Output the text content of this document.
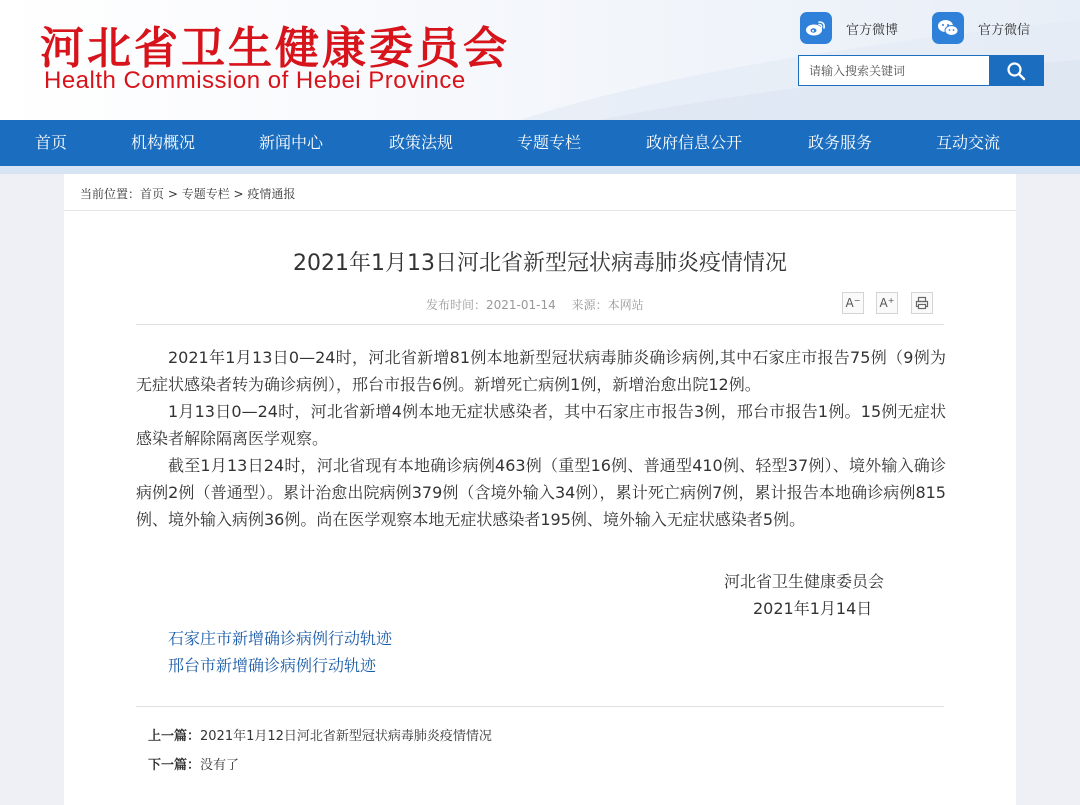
河北省卫生健康委员会
Health Commission of Hebei Province
官方微博	官方微信
请输入搜索关键词
首页	机构概况	新闻中心	政策法规	专题专栏	政府信息公开	政务服务	互动交流
当前位置：首页 > 专题专栏 > 疫情通报
2021年1月13日河北省新型冠状病毒肺炎疫情情况
发布时间：2021-01-14 来源：本网站	A− A+

2021年1月13日0—24时，河北省新增81例本地新型冠状病毒肺炎确诊病例,其中石家庄市报告75例（9例为无症状感染者转为确诊病例），邢台市报告6例。新增死亡病例1例，新增治愈出院12例。

1月13日0—24时，河北省新增4例本地无症状感染者，其中石家庄市报告3例，邢台市报告1例。15例无症状感染者解除隔离医学观察。

截至1月13日24时，河北省现有本地确诊病例463例（重型16例、普通型410例、轻型37例）、境外输入确诊病例2例（普通型）。累计治愈出院病例379例（含境外输入34例），累计死亡病例7例，累计报告本地确诊病例815例、境外输入病例36例。尚在医学观察本地无症状感染者195例、境外输入无症状感染者5例。

河北省卫生健康委员会
2021年1月14日
石家庄市新增确诊病例行动轨迹
邢台市新增确诊病例行动轨迹
上一篇：2021年1月12日河北省新型冠状病毒肺炎疫情情况
下一篇：没有了
